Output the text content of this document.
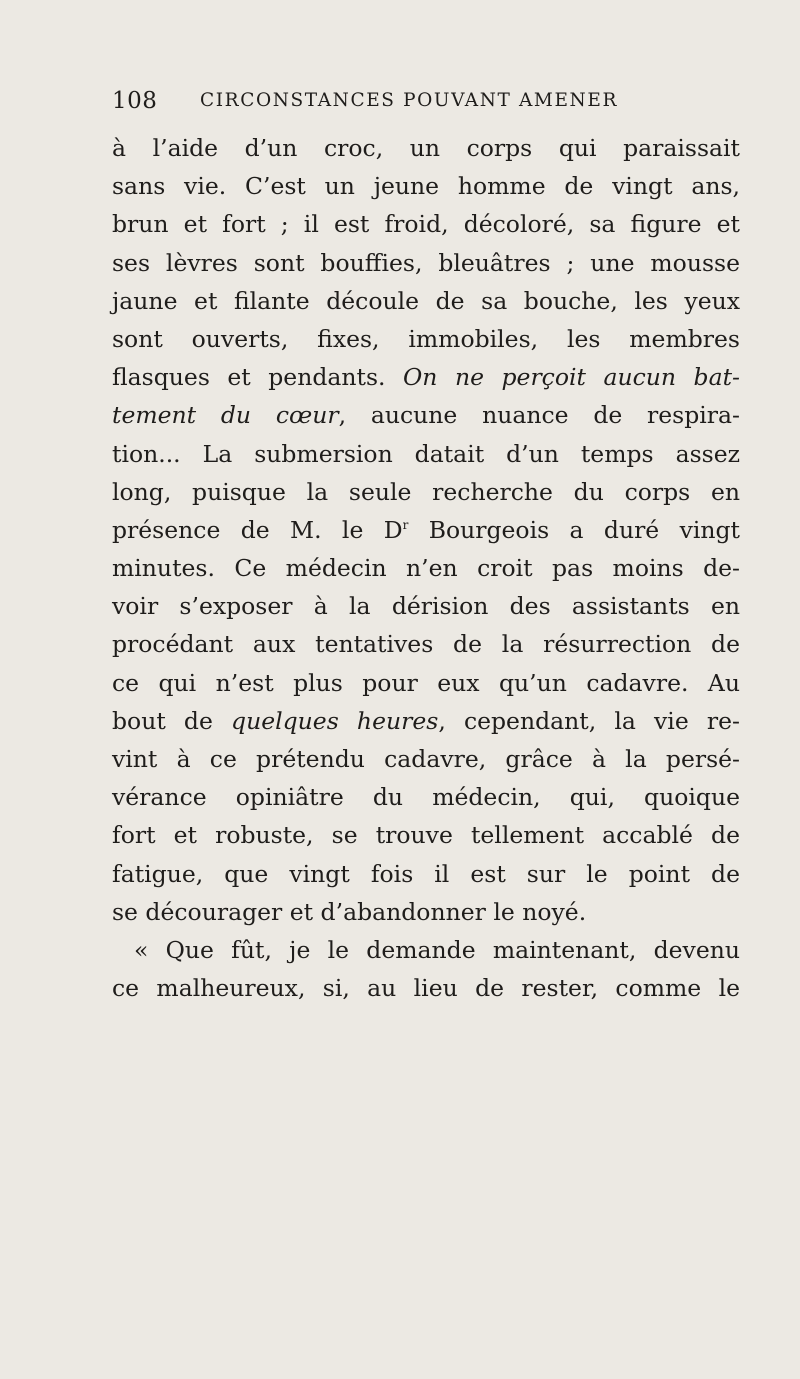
108 CIRCONSTANCES POUVANT AMENER
à l’aide d’un croc, un corps qui paraissait
sans vie. C’est un jeune homme de vingt ans,
brun et fort ; il est froid, décoloré, sa figure et
ses lèvres sont bouffies, bleuâtres ; une mousse
jaune et filante découle de sa bouche, les yeux
sont ouverts, fixes, immobiles, les membres
flasques et pendants. On ne perçoit aucun bat-
tement du cœur, aucune nuance de respira-
tion... La submersion datait d’un temps assez
long, puisque la seule recherche du corps en
présence de M. le $D^r$ Bourgeois a duré vingt
minutes. Ce médecin n’en croit pas moins de-
voir s’exposer à la dérision des assistants en
procédant aux tentatives de la résurrection de
ce qui n’est plus pour eux qu’un cadavre. Au
bout de quelques heures, cependant, la vie re-
vint à ce prétendu cadavre, grâce à la persé-
vérance opiniâtre du médecin, qui, quoique
fort et robuste, se trouve tellement accablé de
fatigue, que vingt fois il est sur le point de
se décourager et d’abandonner le noyé.
« Que fût, je le demande maintenant, devenu
ce malheureux, si, au lieu de rester, comme le
